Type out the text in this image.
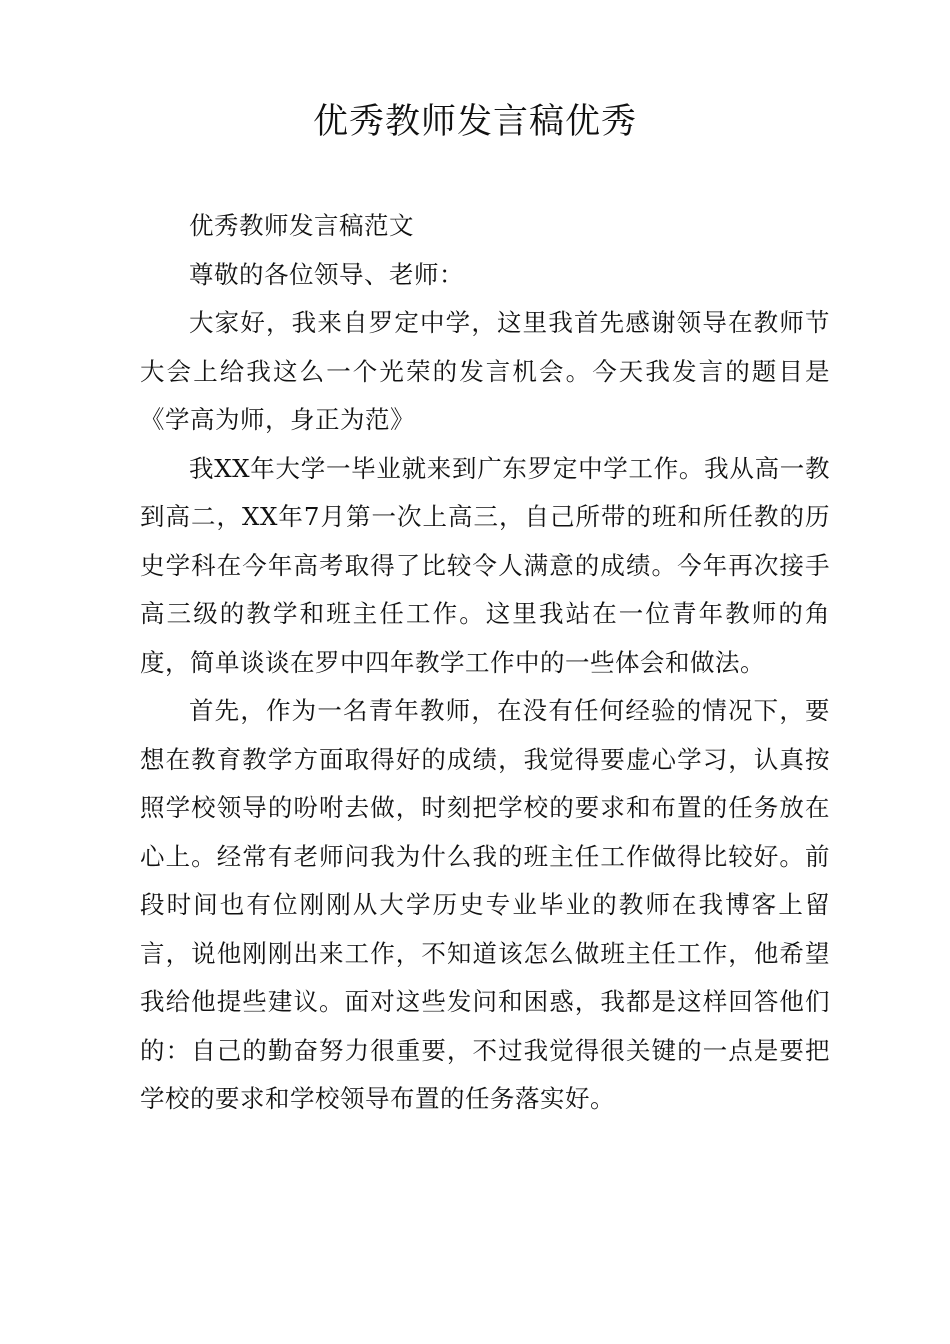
优秀教师发言稿优秀

优秀教师发言稿范文

尊敬的各位领导、老师：

大家好，我来自罗定中学，这里我首先感谢领导在教师节大会上给我这么一个光荣的发言机会。今天我发言的题目是《学高为师，身正为范》

我XX年大学一毕业就来到广东罗定中学工作。我从高一教到高二，XX年7月第一次上高三，自己所带的班和所任教的历史学科在今年高考取得了比较令人满意的成绩。今年再次接手高三级的教学和班主任工作。这里我站在一位青年教师的角度，简单谈谈在罗中四年教学工作中的一些体会和做法。

首先，作为一名青年教师，在没有任何经验的情况下，要想在教育教学方面取得好的成绩，我觉得要虚心学习，认真按照学校领导的吩咐去做，时刻把学校的要求和布置的任务放在心上。经常有老师问我为什么我的班主任工作做得比较好。前段时间也有位刚刚从大学历史专业毕业的教师在我博客上留言，说他刚刚出来工作，不知道该怎么做班主任工作，他希望我给他提些建议。面对这些发问和困惑，我都是这样回答他们的：自己的勤奋努力很重要，不过我觉得很关键的一点是要把学校的要求和学校领导布置的任务落实好。
